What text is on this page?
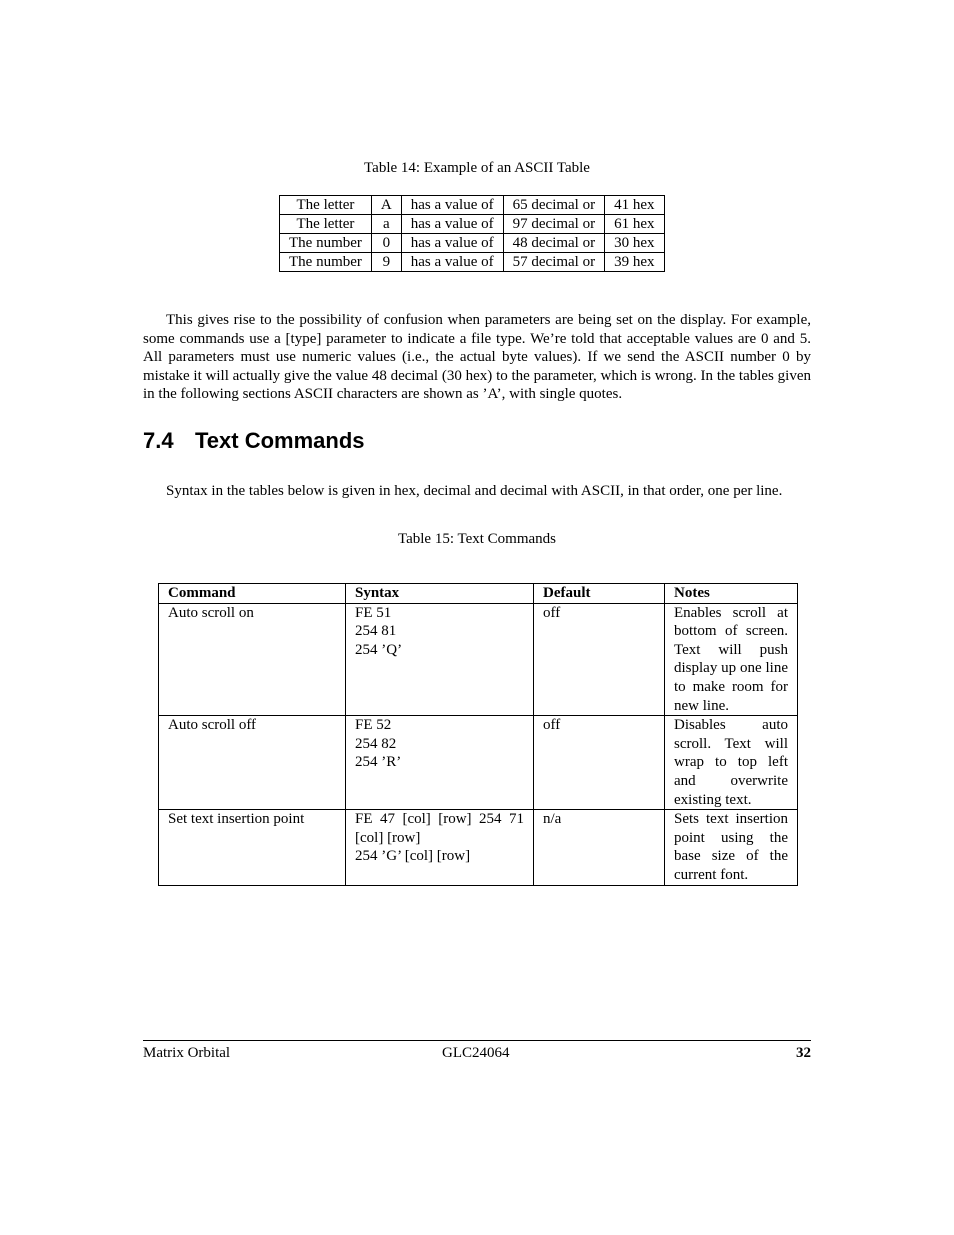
Table 14: Example of an ASCII Table
The letter	A	has a value of	65 decimal or	41 hex
The letter	a	has a value of	97 decimal or	61 hex
The number	0	has a value of	48 decimal or	30 hex
The number	9	has a value of	57 decimal or	39 hex

This gives rise to the possibility of confusion when parameters are being set on the display. For example, some commands use a [type] parameter to indicate a file type. We’re told that acceptable values are 0 and 5. All parameters must use numeric values (i.e., the actual byte values). If we send the ASCII number 0 by mistake it will actually give the value 48 decimal (30 hex) to the parameter, which is wrong. In the tables given in the following sections ASCII characters are shown as ’A’, with single quotes.

7.4 Text Commands

Syntax in the tables below is given in hex, decimal and decimal with ASCII, in that order, one per line.

Table 15: Text Commands
Command	Syntax	Default	Notes
Auto scroll on	FE 51
254 81
254 ’Q’	off	Enables scroll at bottom of screen. Text will push display up one line to make room for new line.
Auto scroll off	FE 52
254 82
254 ’R’	off	Disables auto scroll. Text will wrap to top left and overwrite existing text.
Set text insertion point	FE 47 [col] [row] 254 71 [col] [row]
254 ’G’ [col] [row]	n/a	Sets text insertion point using the base size of the current font.
Matrix Orbital	GLC24064	32
